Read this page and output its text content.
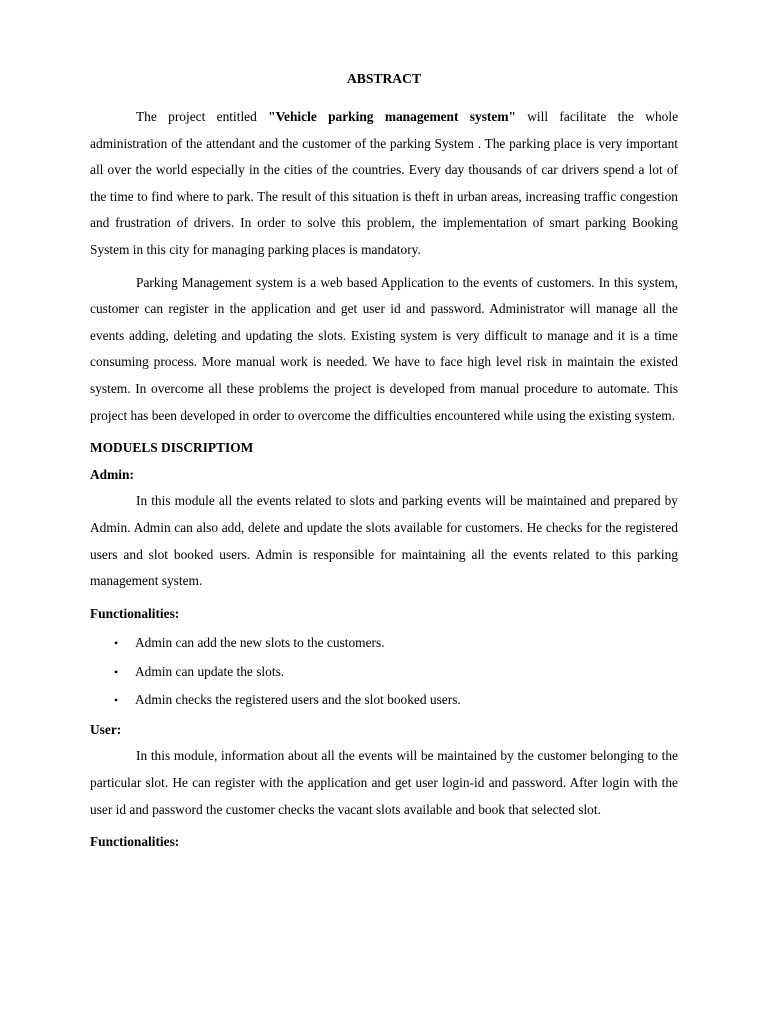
ABSTRACT

The project entitled "Vehicle parking management system" will facilitate the whole administration of the attendant and the customer of the parking System . The parking place is very important all over the world especially in the cities of the countries. Every day thousands of car drivers spend a lot of the time to find where to park. The result of this situation is theft in urban areas, increasing traffic congestion and frustration of drivers. In order to solve this problem, the implementation of smart parking Booking System in this city for managing parking places is mandatory.

Parking Management system is a web based Application to the events of customers. In this system, customer can register in the application and get user id and password. Administrator will manage all the events adding, deleting and updating the slots. Existing system is very difficult to manage and it is a time consuming process. More manual work is needed. We have to face high level risk in maintain the existed system. In overcome all these problems the project is developed from manual procedure to automate. This project has been developed in order to overcome the difficulties encountered while using the existing system.

MODUELS DISCRIPTIOM
Admin:

In this module all the events related to slots and parking events will be maintained and prepared by Admin. Admin can also add, delete and update the slots available for customers. He checks for the registered users and slot booked users. Admin is responsible for maintaining all the events related to this parking management system.

Functionalities:
• Admin can add the new slots to the customers.
• Admin can update the slots.
• Admin checks the registered users and the slot booked users.
User:

In this module, information about all the events will be maintained by the customer belonging to the particular slot. He can register with the application and get user login-id and password. After login with the user id and password the customer checks the vacant slots available and book that selected slot.

Functionalities:
